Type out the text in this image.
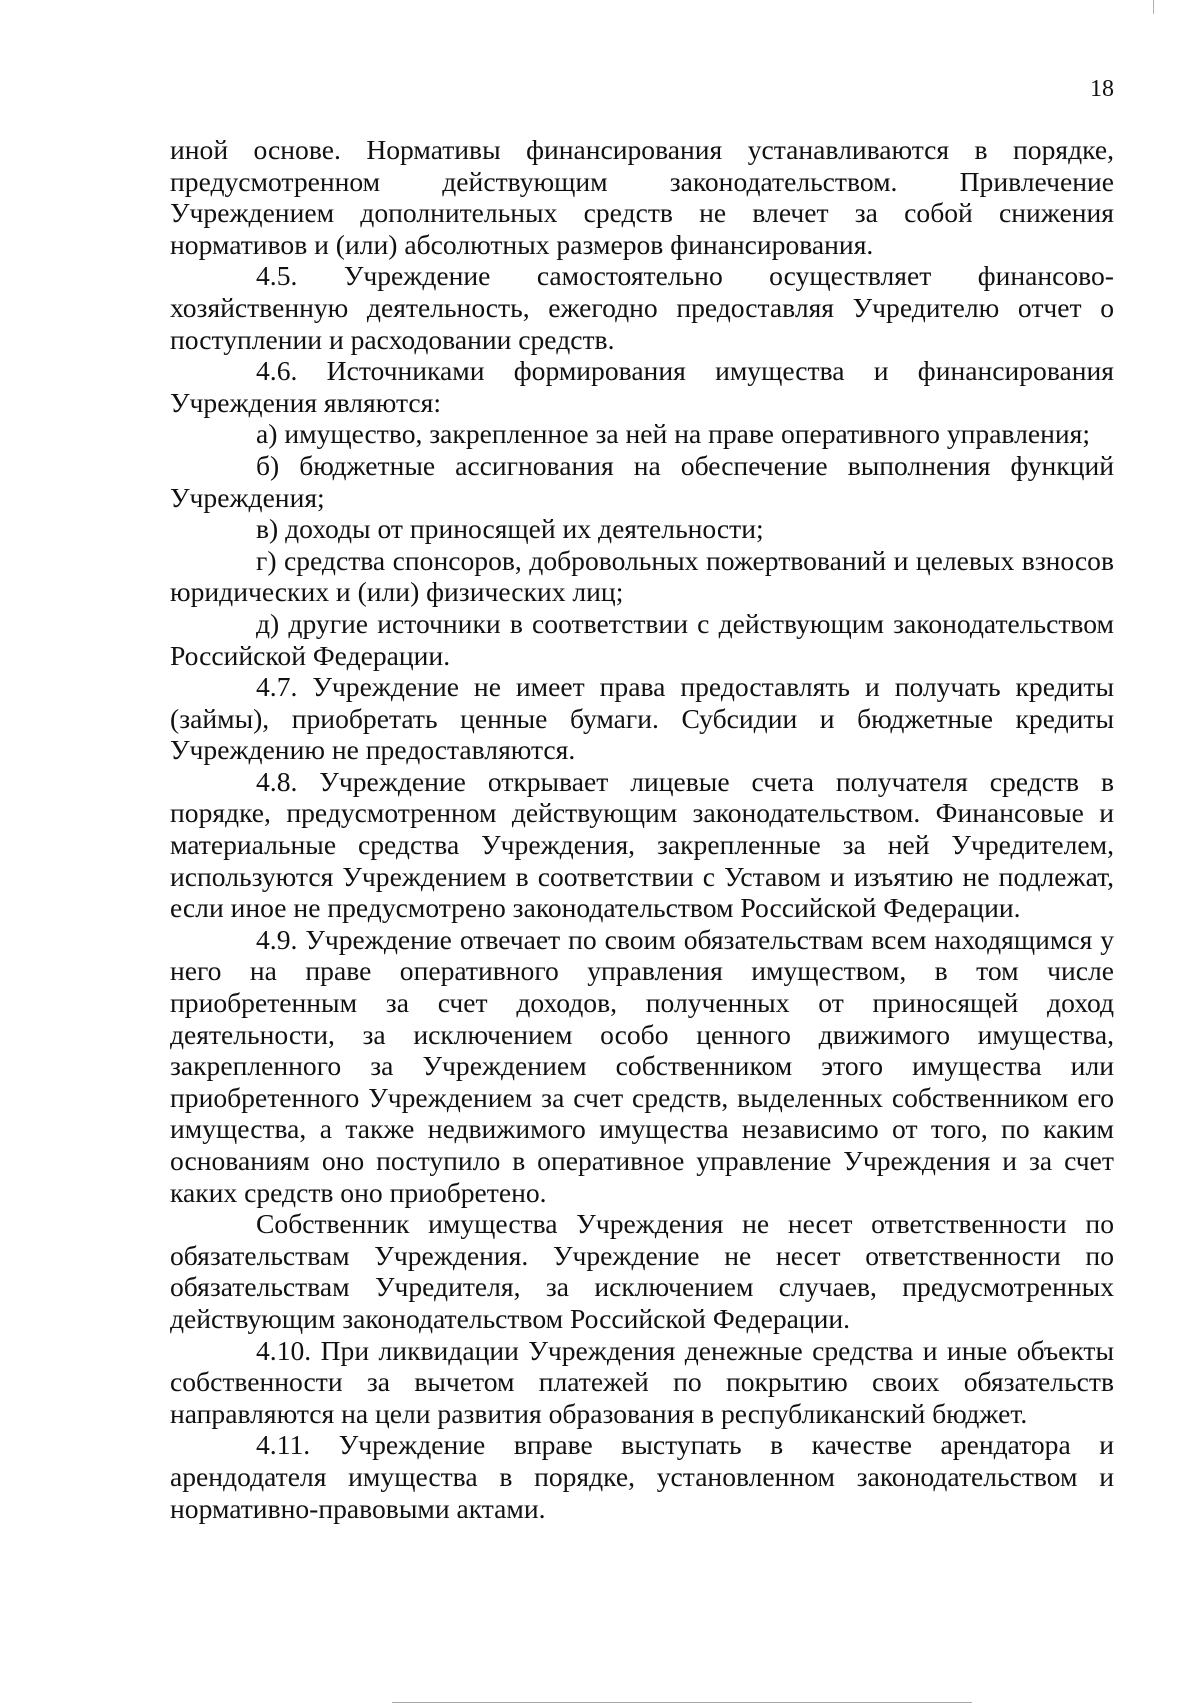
18

иной основе. Нормативы финансирования устанавливаются в порядке, предусмотренном действующим законодательством. Привлечение Учреждением дополнительных средств не влечет за собой снижения нормативов и (или) абсолютных размеров финансирования.

4.5. Учреждение самостоятельно осуществляет финансово-хозяйственную деятельность, ежегодно предоставляя Учредителю отчет о поступлении и расходовании средств.

4.6. Источниками формирования имущества и финансирования Учреждения являются:

а) имущество, закрепленное за ней на праве оперативного управления;

б) бюджетные ассигнования на обеспечение выполнения функций Учреждения;

в) доходы от приносящей их деятельности;

г) средства спонсоров, добровольных пожертвований и целевых взносов юридических и (или) физических лиц;

д) другие источники в соответствии с действующим законодательством Российской Федерации.

4.7. Учреждение не имеет права предоставлять и получать кредиты (займы), приобретать ценные бумаги. Субсидии и бюджетные кредиты Учреждению не предоставляются.

4.8. Учреждение открывает лицевые счета получателя средств в порядке, предусмотренном действующим законодательством. Финансовые и материальные средства Учреждения, закрепленные за ней Учредителем, используются Учреждением в соответствии с Уставом и изъятию не подлежат, если иное не предусмотрено законодательством Российской Федерации.

4.9. Учреждение отвечает по своим обязательствам всем находящимся у него на праве оперативного управления имуществом, в том числе приобретенным за счет доходов, полученных от приносящей доход деятельности, за исключением особо ценного движимого имущества, закрепленного за Учреждением собственником этого имущества или приобретенного Учреждением за счет средств, выделенных собственником его имущества, а также недвижимого имущества независимо от того, по каким основаниям оно поступило в оперативное управление Учреждения и за счет каких средств оно приобретено.

Собственник имущества Учреждения не несет ответственности по обязательствам Учреждения. Учреждение не несет ответственности по обязательствам Учредителя, за исключением случаев, предусмотренных действующим законодательством Российской Федерации.

4.10. При ликвидации Учреждения денежные средства и иные объекты собственности за вычетом платежей по покрытию своих обязательств направляются на цели развития образования в республиканский бюджет.

4.11. Учреждение вправе выступать в качестве арендатора и арендодателя имущества в порядке, установленном законодательством и нормативно-правовыми актами.
